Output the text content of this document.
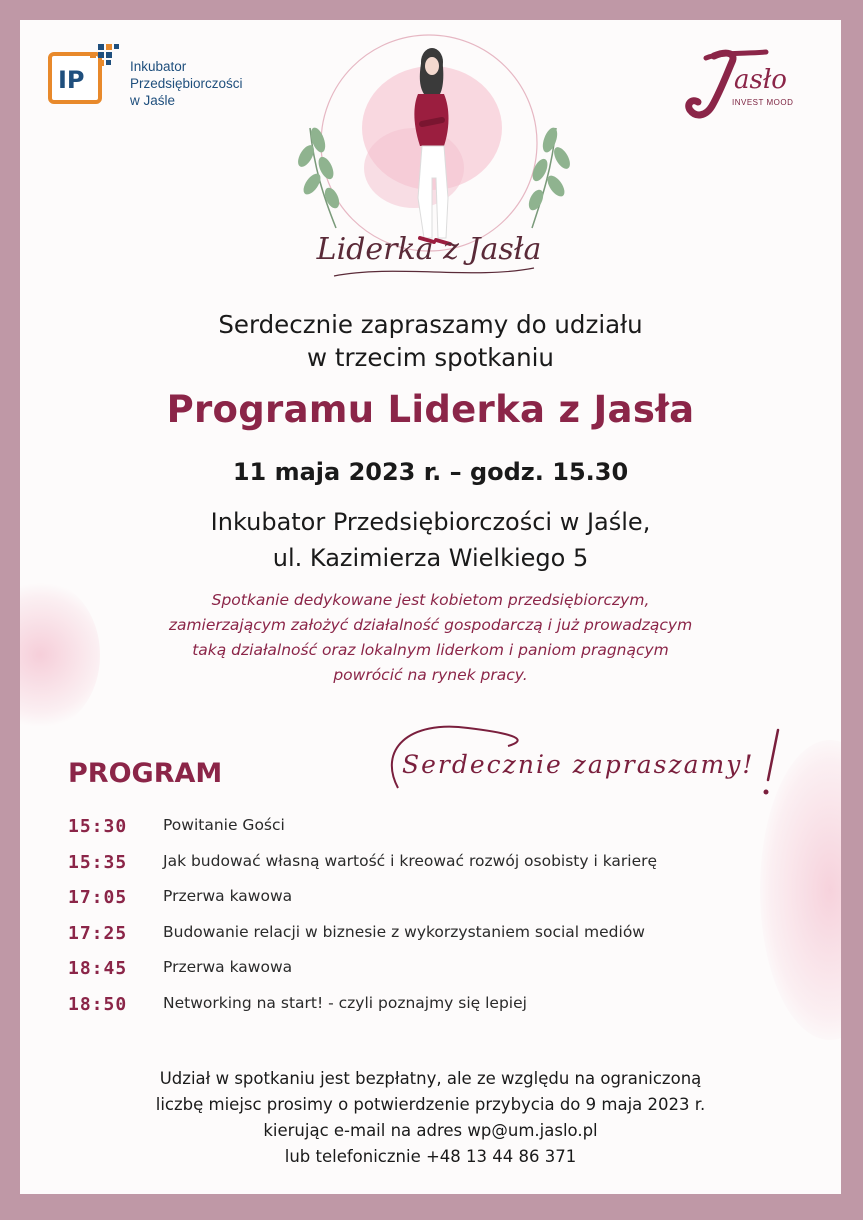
IP	Inkubator
Przedsiębiorczości
w Jaśle
asło
INVEST MOOD
Liderka z Jasła
Serdecznie zapraszamy do udziału
w trzecim spotkaniu
Programu Liderka z Jasła
11 maja 2023 r. – godz. 15.30
Inkubator Przedsiębiorczości w Jaśle,
ul. Kazimierza Wielkiego 5
Spotkanie dedykowane jest kobietom przedsiębiorczym,
zamierzającym założyć działalność gospodarczą i już prowadzącym
taką działalność oraz lokalnym liderkom i paniom pragnącym
powrócić na rynek pracy.
Serdecznie zapraszamy!
PROGRAM
15:30 Powitanie Gości
15:35 Jak budować własną wartość i kreować rozwój osobisty i karierę
17:05 Przerwa kawowa
17:25 Budowanie relacji w biznesie z wykorzystaniem social mediów
18:45 Przerwa kawowa
18:50 Networking na start! - czyli poznajmy się lepiej
Udział w spotkaniu jest bezpłatny, ale ze względu na ograniczoną
liczbę miejsc prosimy o potwierdzenie przybycia do 9 maja 2023 r.
kierując e-mail na adres wp@um.jaslo.pl
lub telefonicznie +48 13 44 86 371
